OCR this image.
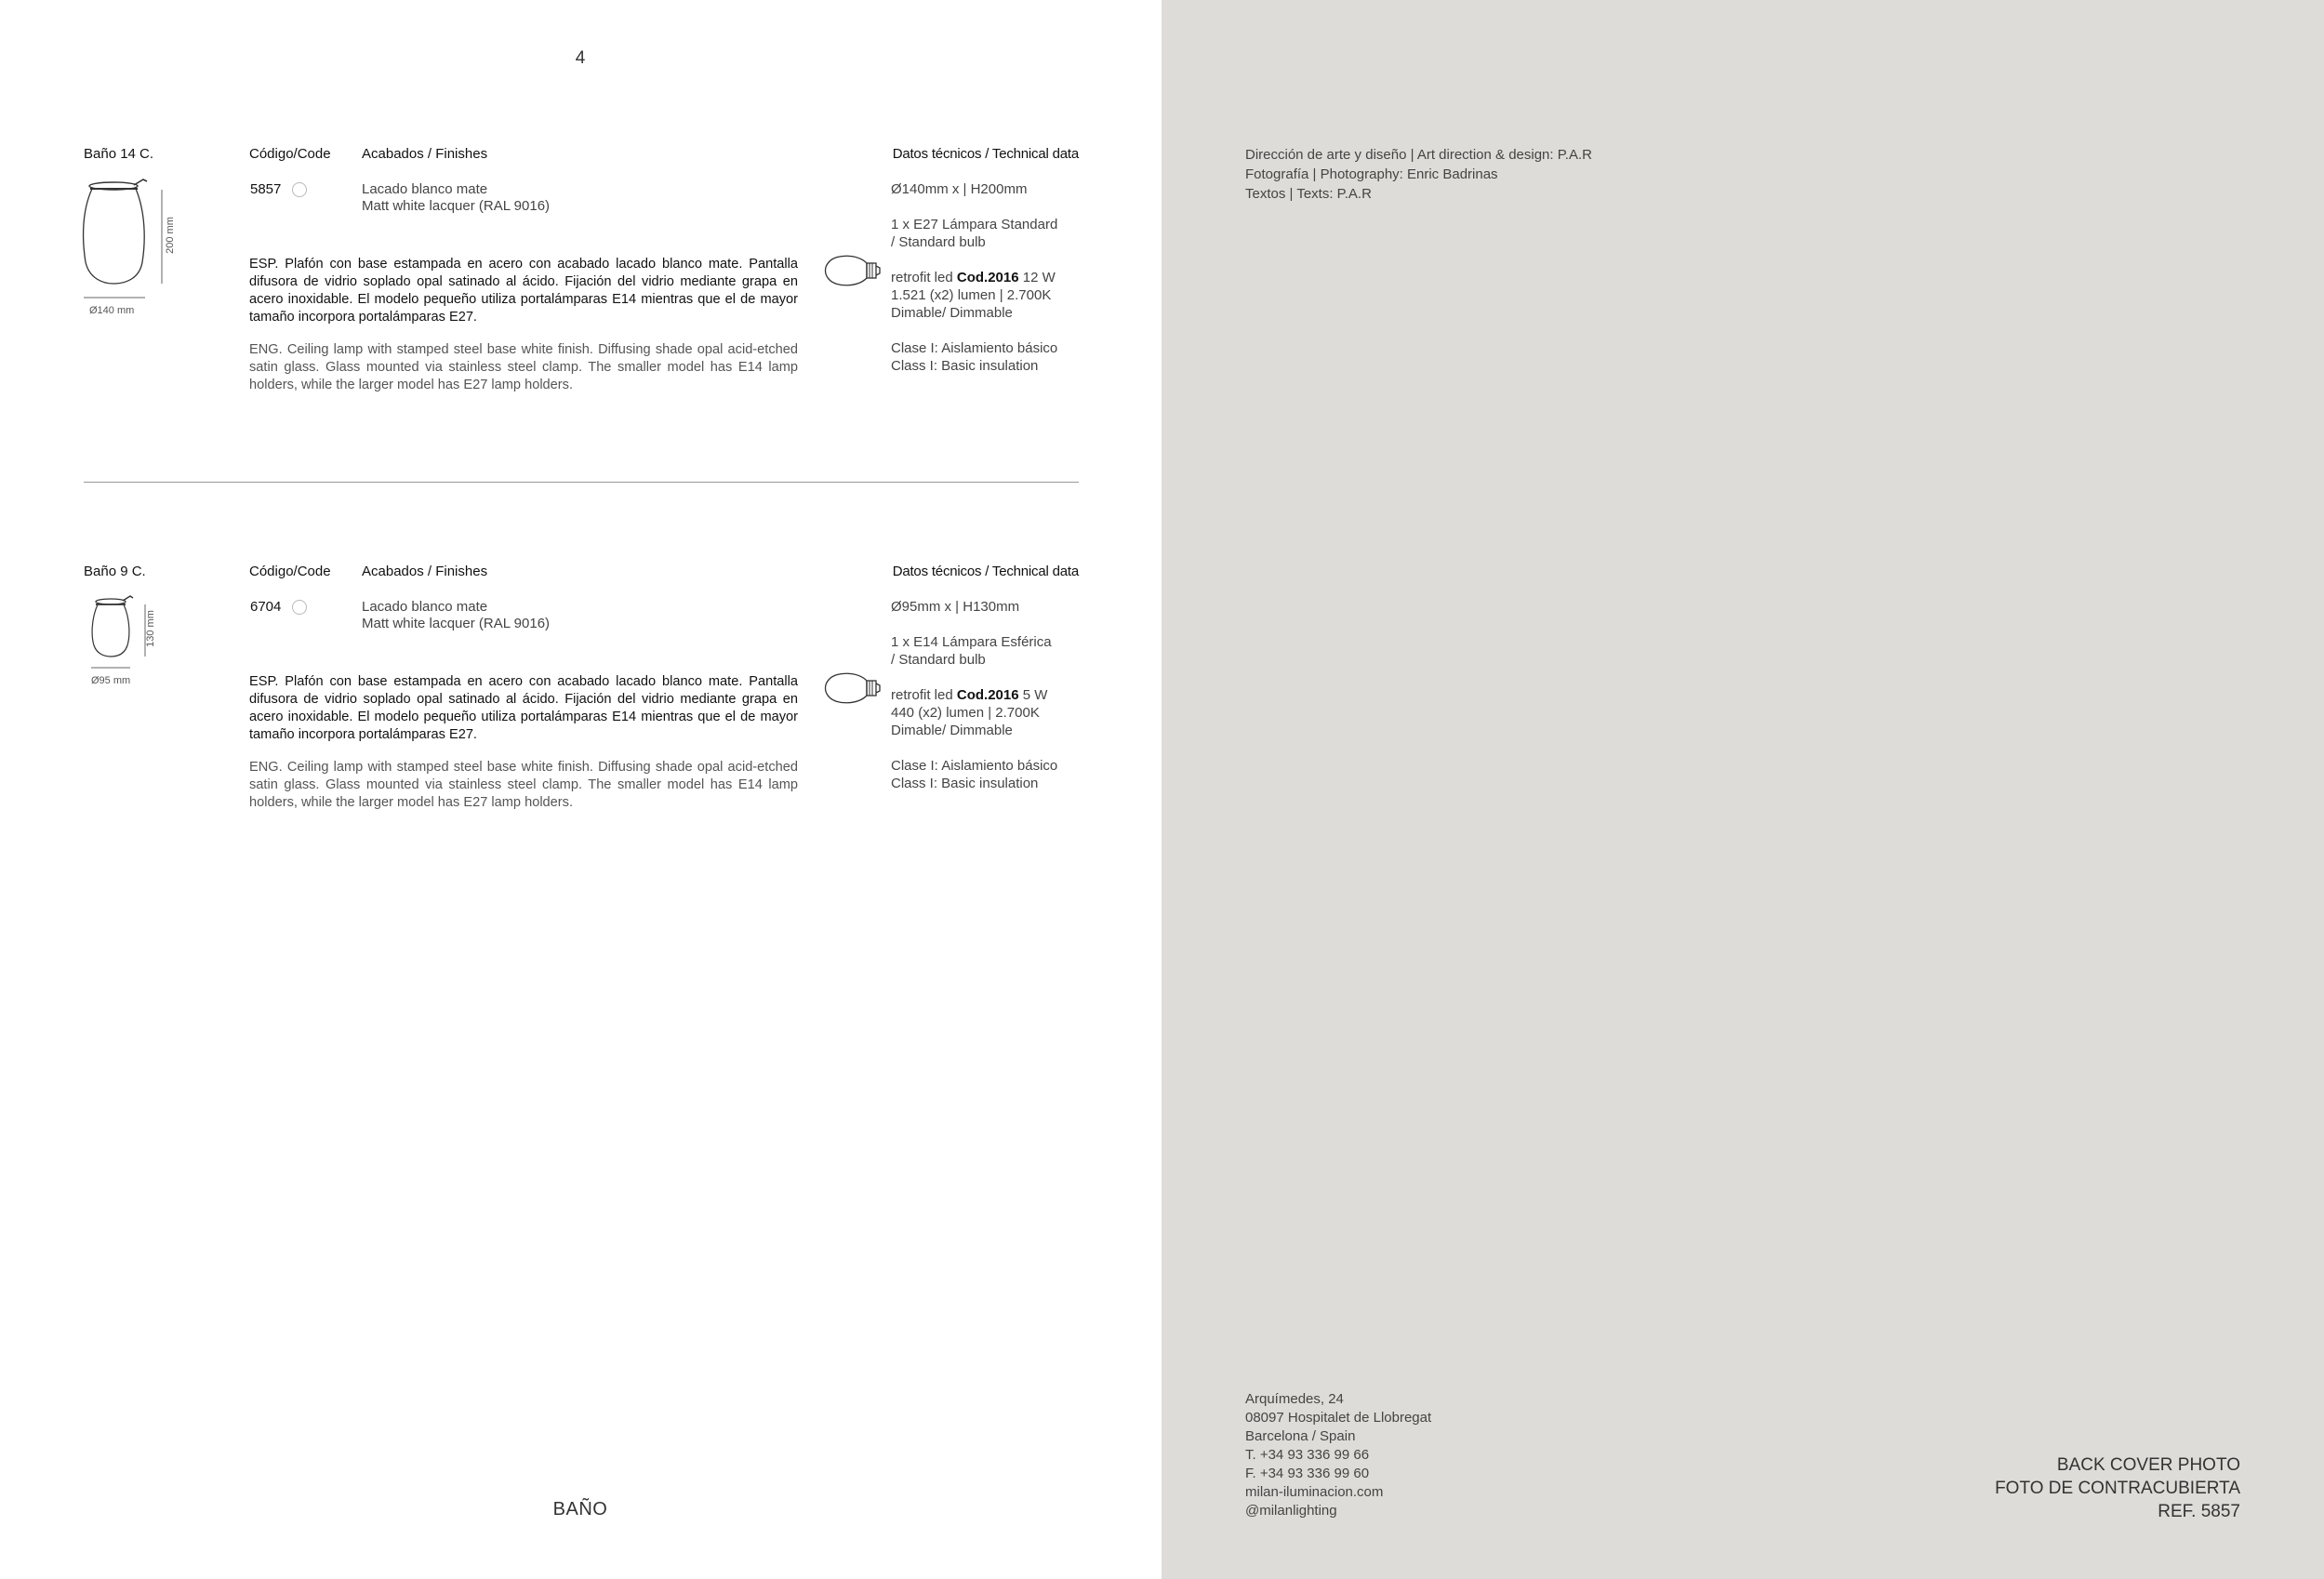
4
Baño 14 C.	Código/Code Acabados / Finishes	Datos técnicos / Technical data
200 mm
Ø140 mm
5857	Lacado blanco mate
Matt white lacquer (RAL 9016)
ESP. Plafón con base estampada en acero con acabado lacado blanco mate. Pantalla difusora de vidrio soplado opal satinado al ácido. Fijación del vidrio mediante grapa en acero inoxidable. El modelo pequeño utiliza portalámparas E14 mientras que el de mayor tamaño incorpora portalámparas E27.
ENG. Ceiling lamp with stamped steel base white finish. Diffusing shade opal acid-etched satin glass. Glass mounted via stainless steel clamp. The smaller model has E14 lamp holders, while the larger model has E27 lamp holders.
Ø140mm x | H200mm
1 x E27 Lámpara Standard
/ Standard bulb
retrofit led Cod.2016 12 W
1.521 (x2) lumen | 2.700K
Dimable/ Dimmable
Clase I: Aislamiento básico
Class I: Basic insulation
Baño 9 C.	Código/Code Acabados / Finishes	Datos técnicos / Technical data
130 mm
Ø95 mm
6704	Lacado blanco mate
Matt white lacquer (RAL 9016)
ESP. Plafón con base estampada en acero con acabado lacado blanco mate. Pantalla difusora de vidrio soplado opal satinado al ácido. Fijación del vidrio mediante grapa en acero inoxidable. El modelo pequeño utiliza portalámparas E14 mientras que el de mayor tamaño incorpora portalámparas E27.
ENG. Ceiling lamp with stamped steel base white finish. Diffusing shade opal acid-etched satin glass. Glass mounted via stainless steel clamp. The smaller model has E14 lamp holders, while the larger model has E27 lamp holders.
Ø95mm x | H130mm
1 x E14 Lámpara Esférica
/ Standard bulb
retrofit led Cod.2016 5 W
440 (x2) lumen | 2.700K
Dimable/ Dimmable
Clase I: Aislamiento básico
Class I: Basic insulation
BAÑO
Dirección de arte y diseño | Art direction & design: P.A.R
Fotografía | Photography: Enric Badrinas
Textos | Texts: P.A.R
Arquímedes, 24
08097 Hospitalet de Llobregat
Barcelona / Spain
T. +34 93 336 99 66
F. +34 93 336 99 60
milan-iluminacion.com
@milanlighting
BACK COVER PHOTO
FOTO DE CONTRACUBIERTA
REF. 5857
